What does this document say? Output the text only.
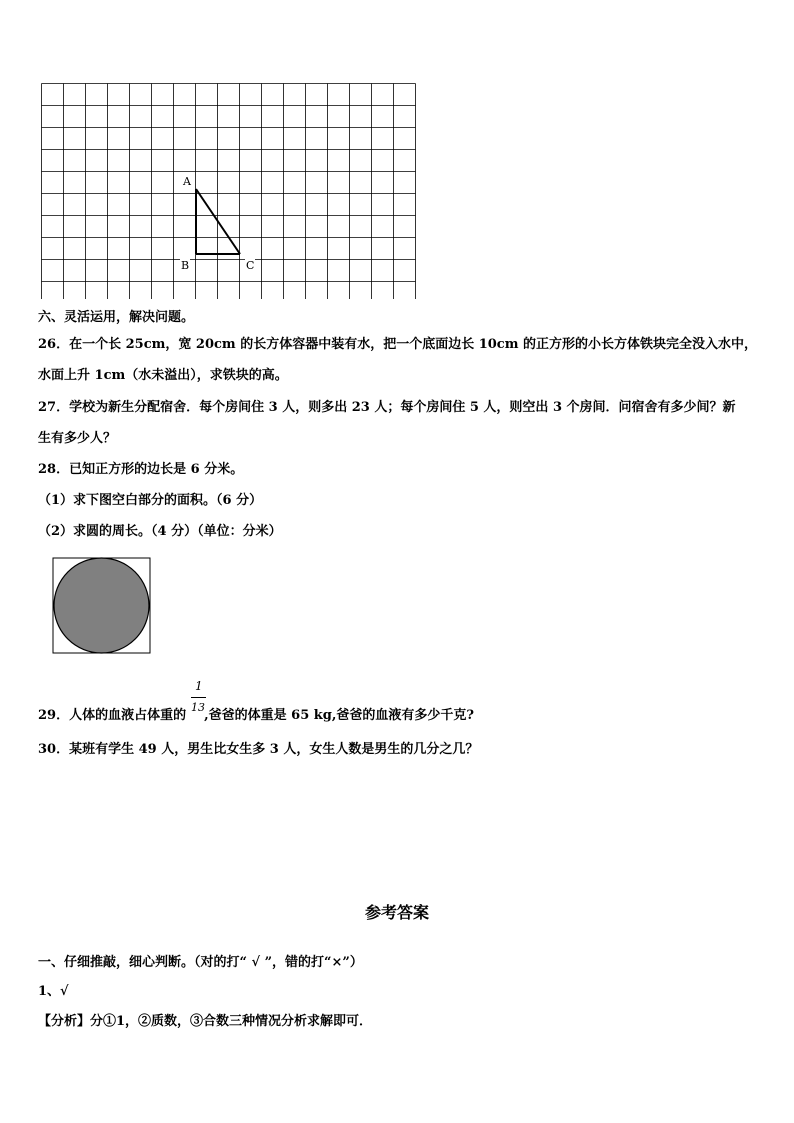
A
B	C
六、灵活运用，解决问题。
26．在一个长 25cm，宽 20cm 的长方体容器中装有水，把一个底面边长 10cm 的正方形的小长方体铁块完全没入水中，
水面上升 1cm（水未溢出），求铁块的高。
27．学校为新生分配宿舍．每个房间住 3 人，则多出 23 人；每个房间住 5 人，则空出 3 个房间．问宿舍有多少间？新
生有多少人？
28．已知正方形的边长是 6 分米。
（1）求下图空白部分的面积。（6 分）
（2）求圆的周长。（4 分）（单位：分米）
29．人体的血液占体重的 ,爸爸的体重是 65 kg,爸爸的血液有多少千克?
1
13
30．某班有学生 49 人，男生比女生多 3 人，女生人数是男生的几分之几？
参考答案
一、仔细推敲，细心判断。（对的打“ √ ”，错的打“×”）
1、√
【分析】分①1，②质数，③合数三种情况分析求解即可．
